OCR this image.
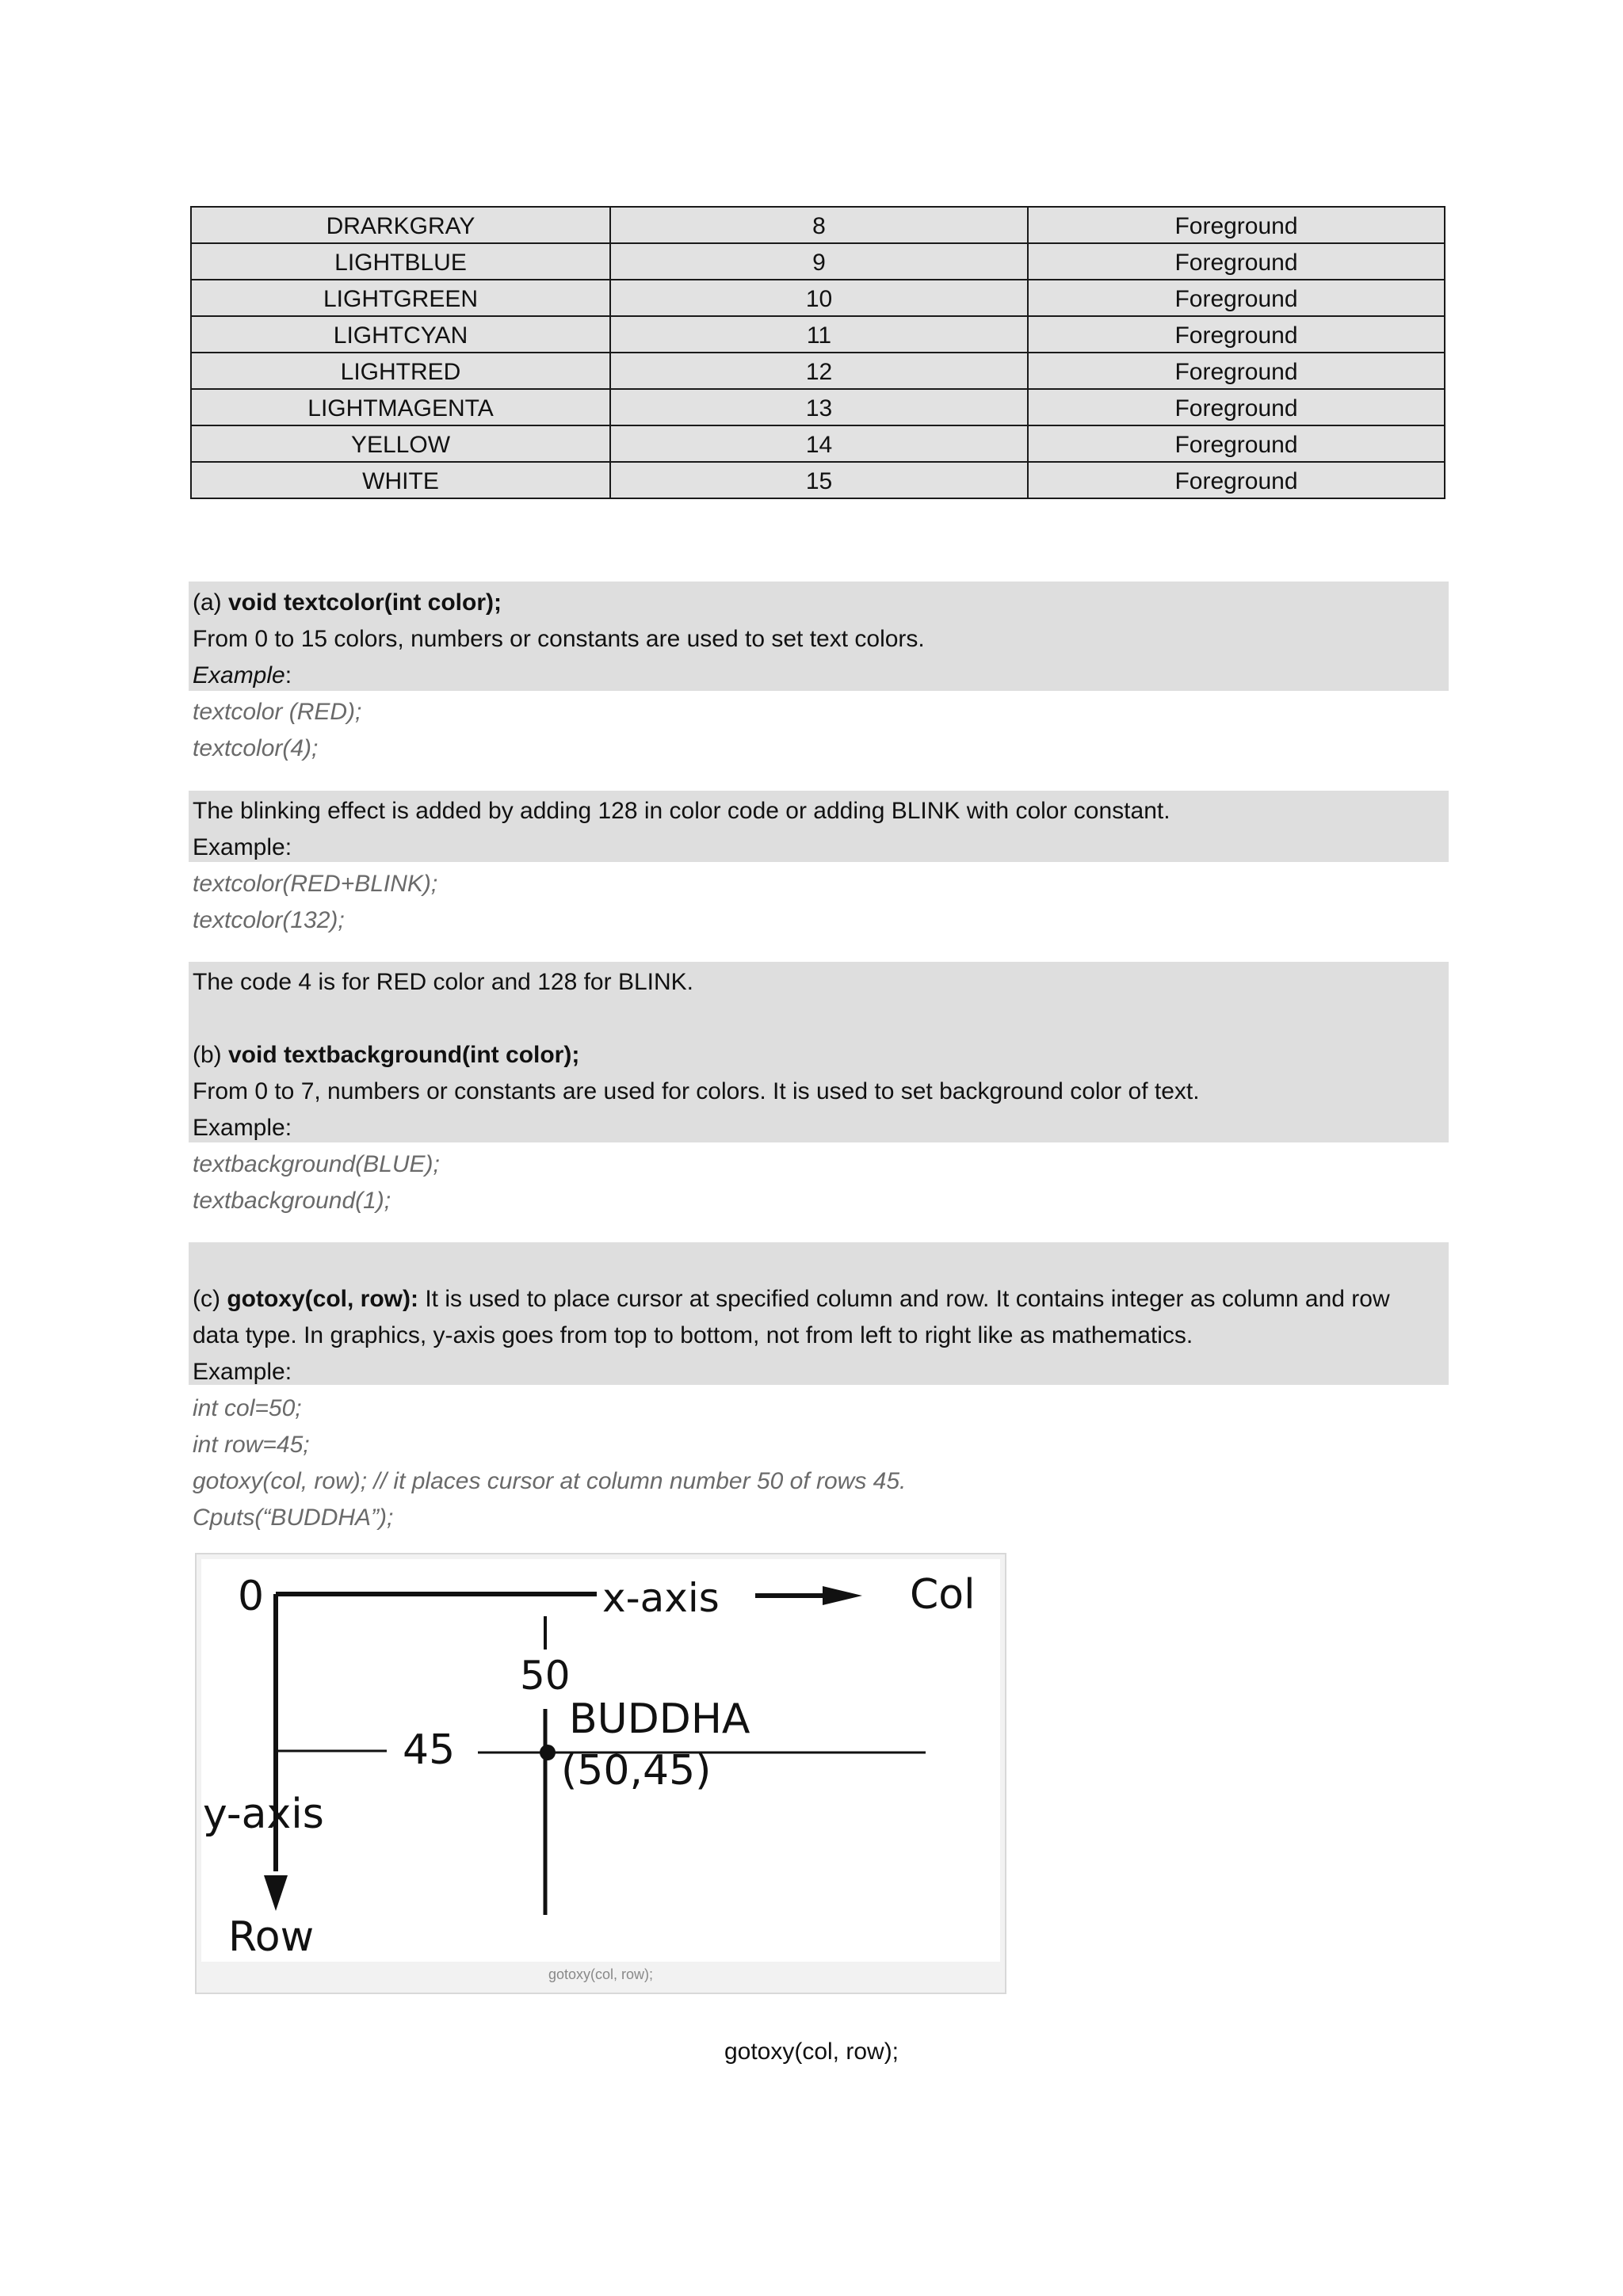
DRARKGRAY	8	Foreground
LIGHTBLUE	9	Foreground
LIGHTGREEN	10	Foreground
LIGHTCYAN	11	Foreground
LIGHTRED	12	Foreground
LIGHTMAGENTA	13	Foreground
YELLOW	14	Foreground
WHITE	15	Foreground
(a) void textcolor(int color);
From 0 to 15 colors, numbers or constants are used to set text colors.
Example:
textcolor (RED);
textcolor(4);
The blinking effect is added by adding 128 in color code or adding BLINK with color constant.
Example:
textcolor(RED+BLINK);
textcolor(132);
The code 4 is for RED color and 128 for BLINK.
(b) void textbackground(int color);
From 0 to 7, numbers or constants are used for colors. It is used to set background color of text.
Example:
textbackground(BLUE);
textbackground(1);
(c) gotoxy(col, row): It is used to place cursor at specified column and row. It contains integer as column and row
data type. In graphics, y-axis goes from top to bottom, not from left to right like as mathematics.
Example:
int col=50;
int row=45;
gotoxy(col, row); // it places cursor at column number 50 of rows 45.
Cputs(“BUDDHA”);
0	x-axis	Col
50
45
BUDDHA
(50,45)
y-axis
Row
gotoxy(col, row);
gotoxy(col, row);
